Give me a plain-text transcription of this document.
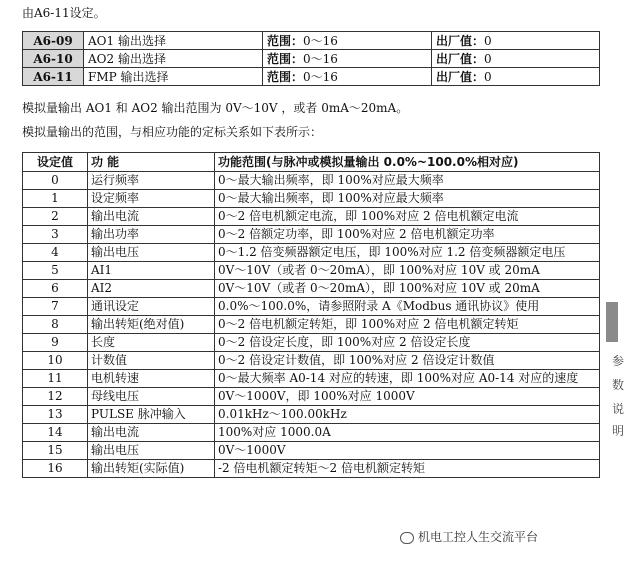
由A6-11设定。
A6-09	AO1 输出选择	范围：0～16	出厂值：0
A6-10	AO2 输出选择	范围：0～16	出厂值：0
A6-11	FMP 输出选择	范围：0～16	出厂值：0
模拟量输出 AO1 和 AO2 输出范围为 0V～10V ，或者 0mA～20mA。
模拟量输出的范围，与相应功能的定标关系如下表所示：
设定值	功 能	功能范围(与脉冲或模拟量输出 0.0%~100.0%相对应)
0	运行频率	0～最大输出频率，即 100%对应最大频率
1	设定频率	0～最大输出频率，即 100%对应最大频率
2	输出电流	0～2 倍电机额定电流，即 100%对应 2 倍电机额定电流
3	输出功率	0～2 倍额定功率，即 100%对应 2 倍电机额定功率
4	输出电压	0～1.2 倍变频器额定电压，即 100%对应 1.2 倍变频器额定电压
5	AI1	0V～10V（或者 0～20mA），即 100%对应 10V 或 20mA
6	AI2	0V～10V（或者 0～20mA），即 100%对应 10V 或 20mA
7	通讯设定	0.0%～100.0%，请参照附录 A《Modbus 通讯协议》使用
8	输出转矩(绝对值)	0～2 倍电机额定转矩，即 100%对应 2 倍电机额定转矩
9	长度	0～2 倍设定长度，即 100%对应 2 倍设定长度
10	计数值	0～2 倍设定计数值，即 100%对应 2 倍设定计数值
11	电机转速	0～最大频率 A0-14 对应的转速，即 100%对应 A0-14 对应的速度
12	母线电压	0V～1000V，即 100%对应 1000V
13	PULSE 脉冲输入	0.01kHz～100.00kHz
14	输出电流	100%对应 1000.0A
15	输出电压	0V～1000V
16	输出转矩(实际值)	-2 倍电机额定转矩～2 倍电机额定转矩
参
数
说
明
机电工控人生交流平台
